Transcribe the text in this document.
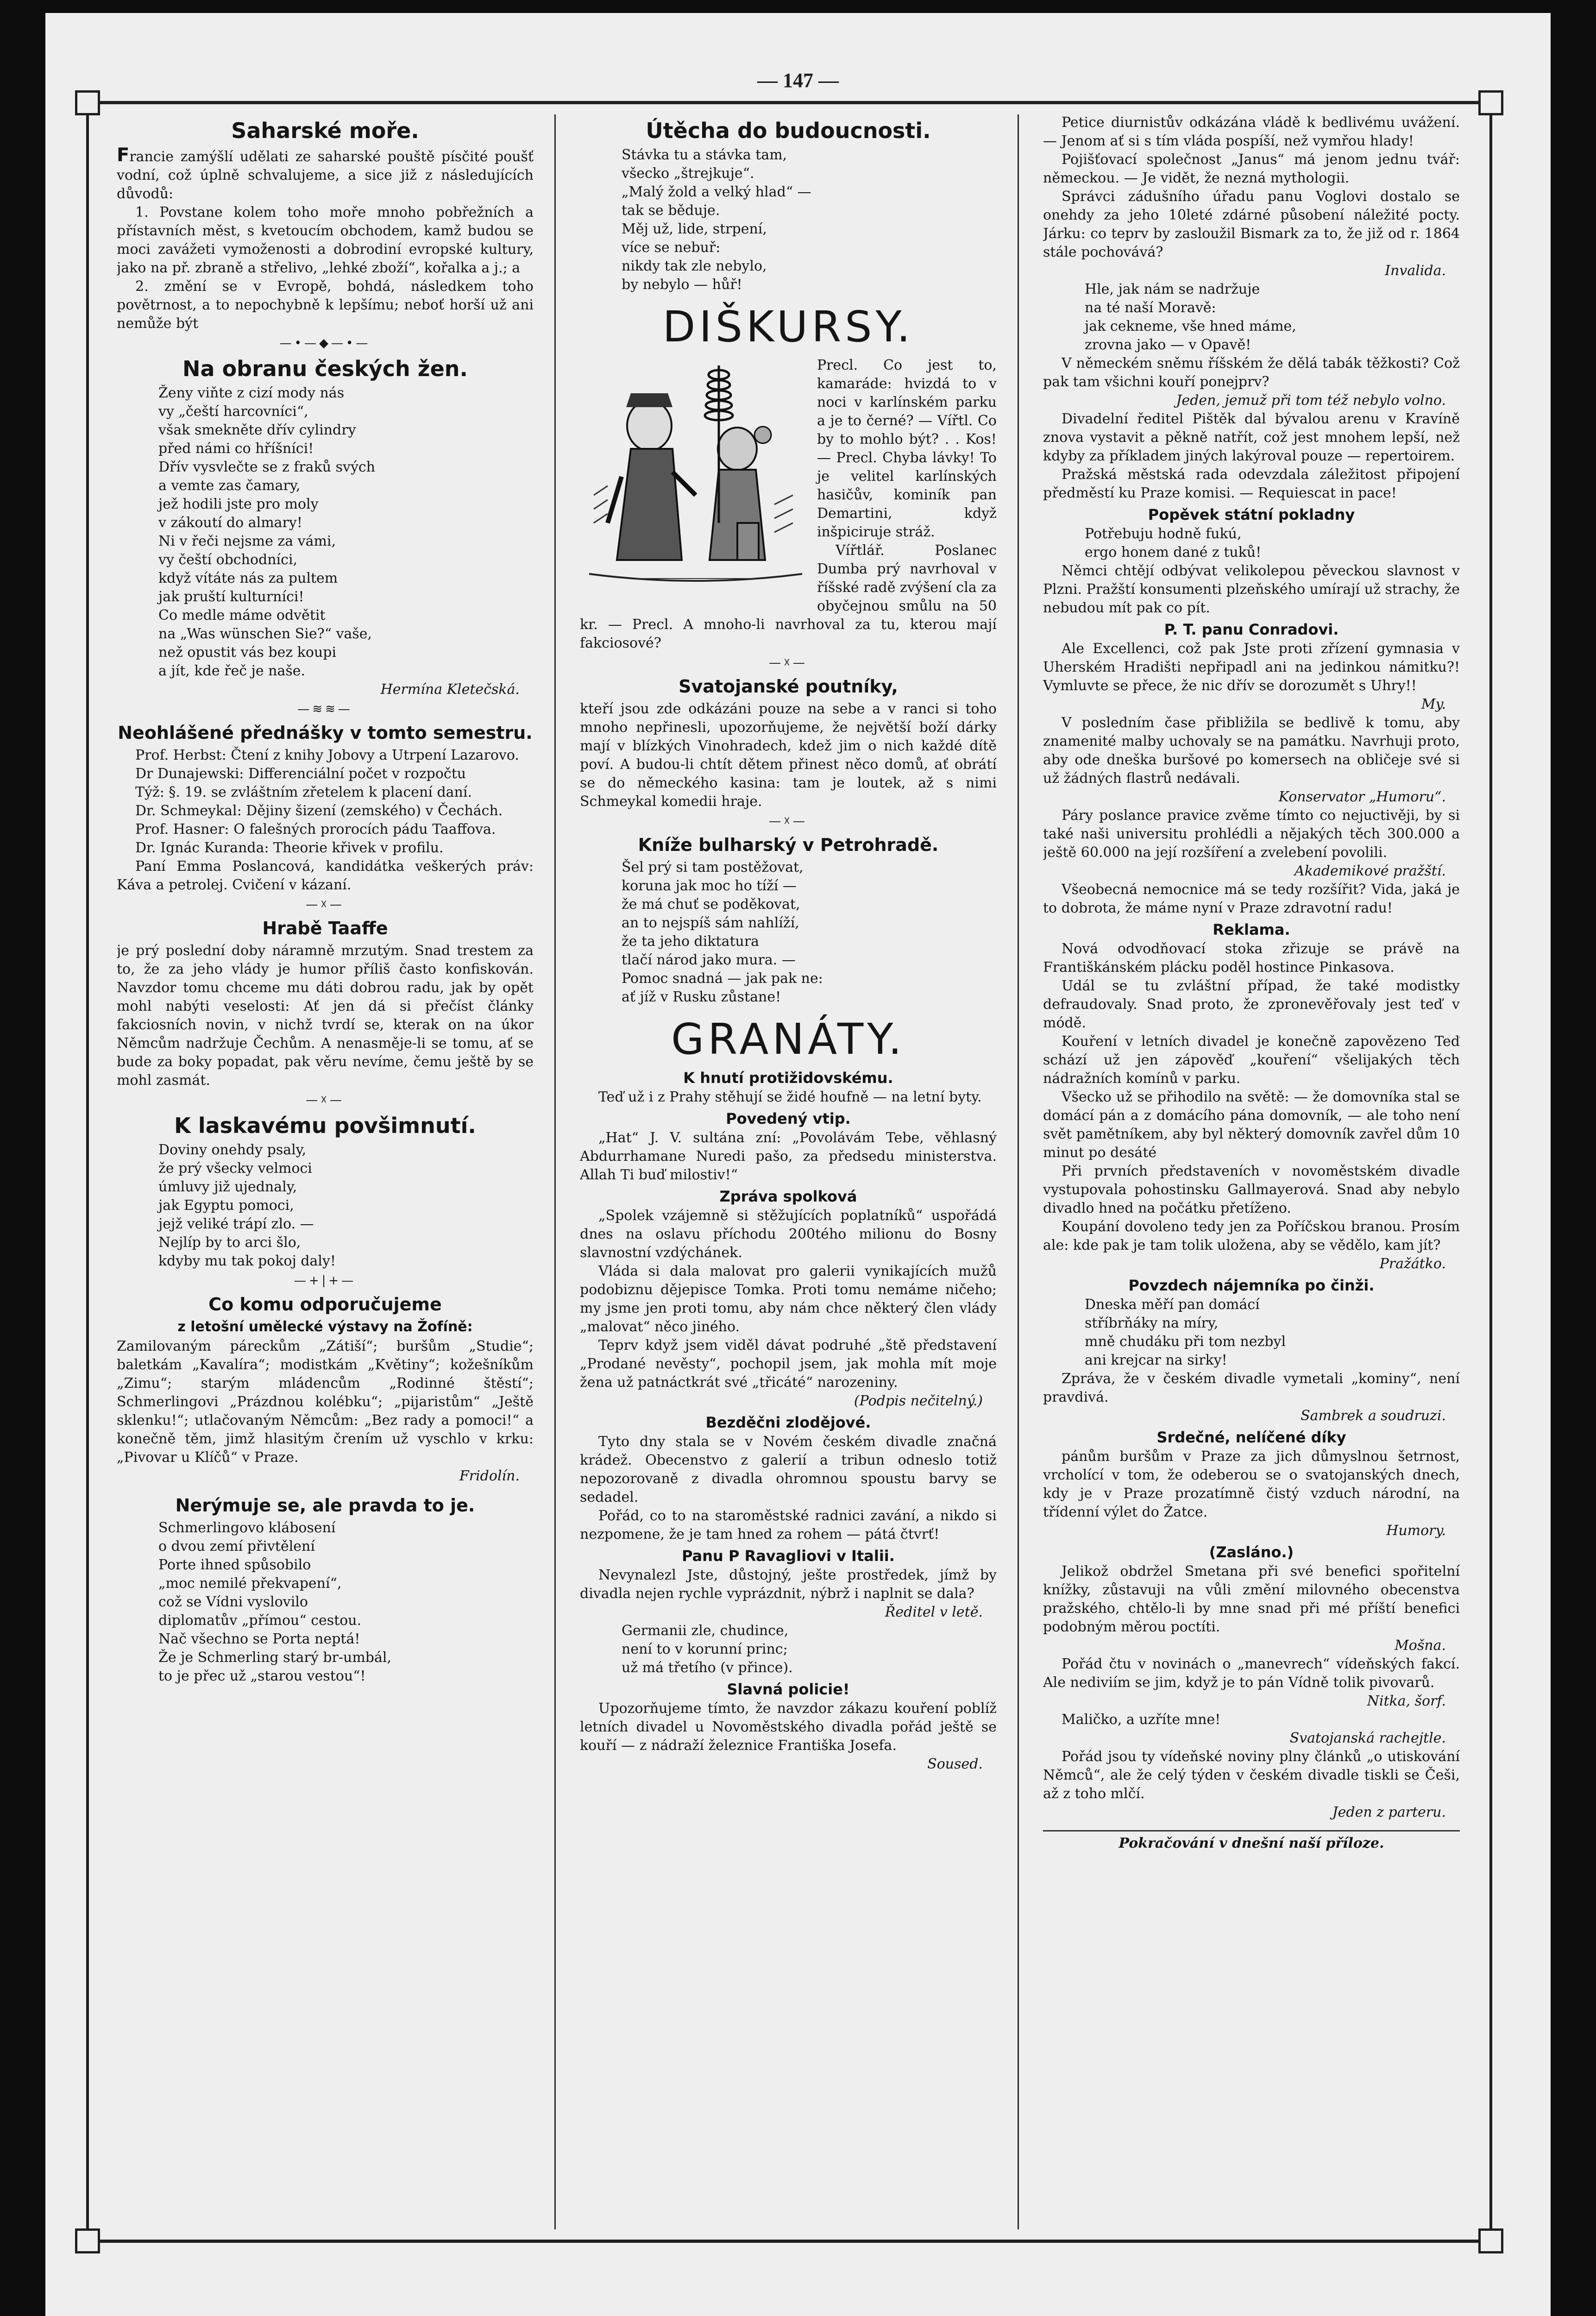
— 147 —
Saharské moře.

Francie zamýšlí udělati ze saharské pouště písčité poušť vodní, což úplně schvalujeme, a sice již z následujících důvodů:

1. Povstane kolem toho moře mnoho pobřežních a přístavních měst, s kvetoucím obchodem, kamž budou se moci zavážeti vymoženosti a dobrodiní evropské kultury, jako na př. zbraně a střelivo, „lehké zboží“, kořalka a j.; a

2. změní se v Evropě, bohdá, následkem toho povětrnost, a to nepochybně k lepšímu; neboť horší už ani nemůže být

—•—◆—•—
Na obranu českých žen.

Ženy viňte z cizí mody nás

vy „čeští harcovníci“,

však smekněte dřív cylindry

před námi co hříšníci!

Dřív vysvlečte se z fraků svých

a vemte zas čamary,

jež hodili jste pro moly

v zákoutí do almary!

Ni v řeči nejsme za vámi,

vy čeští obchodníci,

když vítáte nás za pultem

jak pruští kulturníci!

Co medle máme odvětit

na „Was wünschen Sie?“ vaše,

než opustit vás bez koupi

a jít, kde řeč je naše.

Hermína Kletečská.

—≋≋—
Neohlášené přednášky v tomto semestru.

Prof. Herbst: Čtení z knihy Jobovy a Utrpení Lazarovo.

Dr Dunajewski: Differenciální počet v rozpočtu

Týž: §. 19. se zvláštním zřetelem k placení daní.

Dr. Schmeykal: Dějiny šizení (zemského) v Čechách.

Prof. Hasner: O falešných prorocích pádu Taaffova.

Dr. Ignác Kuranda: Theorie křivek v profilu.

Paní Emma Poslancová, kandidátka veškerých práv: Káva a petrolej. Cvičení v kázaní.

—☓—
Hrabě Taaffe

je prý poslední doby náramně mrzutým. Snad trestem za to, že za jeho vlády je humor příliš často konfiskován. Navzdor tomu chceme mu dáti dobrou radu, jak by opět mohl nabýti veselosti: Ať jen dá si přečíst články fakciosních novin, v nichž tvrdí se, kterak on na úkor Němcům nadržuje Čechům. A nenasměje-li se tomu, ať se bude za boky popadat, pak věru nevíme, čemu ještě by se mohl zasmát.

—☓—
K laskavému povšimnutí.

Doviny onehdy psaly,

že prý všecky velmoci

úmluvy již ujednaly,

jak Egyptu pomoci,

jejž veliké trápí zlo. —

Nejlíp by to arci šlo,

kdyby mu tak pokoj daly!

—+|+—
Co komu odporučujeme
z letošní umělecké výstavy na Žofíně:

Zamilovaným páreckům „Zátiší“; buršům „Studie“; baletkám „Kavalíra“; modistkám „Květiny“; kožešníkům „Zimu“; starým mládencům „Rodinné štěstí“; Schmerlingovi „Prázdnou kolébku“; „pijaristům“ „Ještě sklenku!“; utlačovaným Němcům: „Bez rady a pomoci!“ a konečně těm, jimž hlasitým črením už vyschlo v krku: „Pivovar u Klíčů“ v Praze.

Fridolín.

Nerýmuje se, ale pravda to je.

Schmerlingovo klábosení

o dvou zemí přivtělení

Porte ihned spůsobilo

„moc nemilé překvapení“,

což se Vídni vyslovilo

diplomatův „přímou“ cestou.

Nač všechno se Porta neptá!

Že je Schmerling starý br-umbál,

to je přec už „starou vestou“!

Útěcha do budoucnosti.

Stávka tu a stávka tam,

všecko „štrejkuje“.

„Malý žold a velký hlad“ —

tak se běduje.

Měj už, lide, strpení,

více se nebuř:

nikdy tak zle nebylo,

by nebylo — hůř!

DIŠKURSY.

Precl. Co jest to, kamaráde: hvizdá to v noci v karlínském parku a je to černé? — Vířtl. Co by to mohlo být? . . Kos! — Precl. Chyba lávky! To je velitel karlínských hasičův, kominík pan Demartini, když inšpiciruje stráž.

Vířtlář. Poslanec Dumba prý navrhoval v říšské radě zvýšení cla za obyčejnou smůlu na 50 kr. — Precl. A mnoho-li navrhoval za tu, kterou mají fakciosové?

—☓—
Svatojanské poutníky,

kteří jsou zde odkázáni pouze na sebe a v ranci si toho mnoho nepřinesli, upozorňujeme, že největší boží dárky mají v blízkých Vinohradech, kdež jim o nich každé dítě poví. A budou-li chtít dětem přinest něco domů, ať obrátí se do německého kasina: tam je loutek, až s nimi Schmeykal komedii hraje.

—☓—
Kníže bulharský v Petrohradě.

Šel prý si tam postěžovat,

koruna jak moc ho tíží —

že má chuť se poděkovat,

an to nejspíš sám nahlíží,

že ta jeho diktatura

tlačí národ jako mura. —

Pomoc snadná — jak pak ne:

ať jíž v Rusku zůstane!

GRANÁTY.
K hnutí protižidovskému.

Teď už i z Prahy stěhují se židé houfně — na letní byty.

Povedený vtip.

„Hat“ J. V. sultána zní: „Povolávám Tebe, věhlasný Abdurrhamane Nuredi pašo, za předsedu ministerstva. Allah Ti buď milostiv!“

Zpráva spolková

„Spolek vzájemně si stěžujících poplatníků“ uspořádá dnes na oslavu příchodu 200tého milionu do Bosny slavnostní vzdýchánek.

Vláda si dala malovat pro galerii vynikajících mužů podobiznu dějepisce Tomka. Proti tomu nemáme ničeho; my jsme jen proti tomu, aby nám chce některý člen vlády „malovat“ něco jiného.

Teprv když jsem viděl dávat podruhé „ště představení „Prodané nevěsty“, pochopil jsem, jak mohla mít moje žena už patnáctkrát své „třicáté“ narozeniny.

(Podpis nečitelný.)

Bezděčni zlodějové.

Tyto dny stala se v Novém českém divadle značná krádež. Obecenstvo z galerií a tribun odneslo totiž nepozorovaně z divadla ohromnou spoustu barvy se sedadel.

Pořád, co to na staroměstské radnici zavání, a nikdo si nezpomene, že je tam hned za rohem — pátá čtvrť!

Panu P Ravagliovi v Italii.

Nevynalezl Jste, důstojný, ješte prostředek, jímž by divadla nejen rychle vyprázdnit, nýbrž i naplnit se dala?

Ředitel v letě.

Germanii zle, chudince,

není to v korunní princ;

už má třetího (v přince).

Slavná policie!

Upozorňujeme tímto, že navzdor zákazu kouření poblíž letních divadel u Novoměstského divadla pořád ještě se kouří — z nádraží železnice Františka Josefa.

Soused.

Petice diurnistův odkázána vládě k bedlivému uvážení. — Jenom ať si s tím vláda pospíší, než vymřou hlady!

Pojišťovací společnost „Janus“ má jenom jednu tvář: německou. — Je vidět, že nezná mythologii.

Správci zádušního úřadu panu Voglovi dostalo se onehdy za jeho 10leté zdárné působení náležité pocty. Járku: co teprv by zasloužil Bismark za to, že již od r. 1864 stále pochovává?

Invalida.

Hle, jak nám se nadržuje

na té naší Moravě:

jak cekneme, vše hned máme,

zrovna jako — v Opavě!

V německém sněmu říšském že dělá tabák těžkosti? Což pak tam všichni kouří ponejprv?

Jeden, jemuž při tom též nebylo volno.

Divadelní ředitel Pištěk dal bývalou arenu v Kravíně znova vystavit a pěkně natřít, což jest mnohem lepší, než kdyby za příkladem jiných lakýroval pouze — repertoirem.

Pražská městská rada odevzdala záležitost připojení předměstí ku Praze komisi. — Requiescat in pace!

Popěvek státní pokladny

Potřebuju hodně fukú,

ergo honem dané z tuků!

Němci chtějí odbývat velikolepou pěveckou slavnost v Plzni. Pražští konsumenti plzeňského umírají už strachy, že nebudou mít pak co pít.

P. T. panu Conradovi.

Ale Excellenci, což pak Jste proti zřízení gymnasia v Uherském Hradišti nepřipadl ani na jedinkou námitku?! Vymluvte se přece, že nic dřív se dorozumět s Uhry!!

My.

V posledním čase přibližila se bedlivě k tomu, aby znamenité malby uchovaly se na památku. Navrhuji proto, aby ode dneška buršové po komersech na obličeje své si už žádných flastrů nedávali.

Konservator „Humoru“.

Páry poslance pravice zvěme tímto co nejuctivěji, by si také naši universitu prohlédli a nějakých těch 300.000 a ještě 60.000 na její rozšíření a zvelebení povolili.

Akademikové pražští.

Všeobecná nemocnice má se tedy rozšířit? Vida, jaká je to dobrota, že máme nyní v Praze zdravotní radu!

Reklama.

Nová odvodňovací stoka zřizuje se právě na Františkánském plácku poděl hostince Pinkasova.

Udál se tu zvláštní případ, že také modistky defraudovaly. Snad proto, že zpronevěřovaly jest teď v módě.

Kouření v letních divadel je konečně zapovězeno Teď schází už jen zápověď „kouření“ všelijakých těch nádražních komínů v parku.

Všecko už se přihodilo na světě: — že domovníka stal se domácí pán a z domácího pána domovník, — ale toho není svět pamětníkem, aby byl některý domovník zavřel dům 10 minut po desáté

Při prvních představeních v novoměstském divadle vystupovala pohostinsku Gallmayerová. Snad aby nebylo divadlo hned na počátku přetíženo.

Koupání dovoleno tedy jen za Poříčskou branou. Prosím ale: kde pak je tam tolik uložena, aby se vědělo, kam jít?

Pražátko.

Povzdech nájemníka po činži.

Dneska měří pan domácí

stříbrňáky na míry,

mně chudáku při tom nezbyl

ani krejcar na sirky!

Zpráva, že v českém divadle vymetali „kominy“, není pravdivá.

Sambrek a soudruzi.

Srdečné, nelíčené díky

pánům buršům v Praze za jich důmyslnou šetrnost, vrcholící v tom, že odeberou se o svatojanských dnech, kdy je v Praze prozatímně čistý vzduch národní, na třídenní výlet do Žatce.

Humory.

(Zasláno.)

Jelikož obdržel Smetana při své benefici spořitelní knížky, zůstavuji na vůli změní milovného obecenstva pražského, chtělo-li by mne snad při mé příští benefici podobným měrou poctíti.

Mošna.

Pořád čtu v novinách o „manevrech“ vídeňských fakcí. Ale nediviím se jim, když je to pán Vídně tolik pivovarů.

Nitka, šorf.

Maličko, a uzříte mne!

Svatojanská rachejtle.

Pořád jsou ty vídeňské noviny plny článků „o utiskování Němců“, ale že celý týden v českém divadle tiskli se Češi, až z toho mlčí.

Jeden z parteru.

Pokračování v dnešní naší příloze.
